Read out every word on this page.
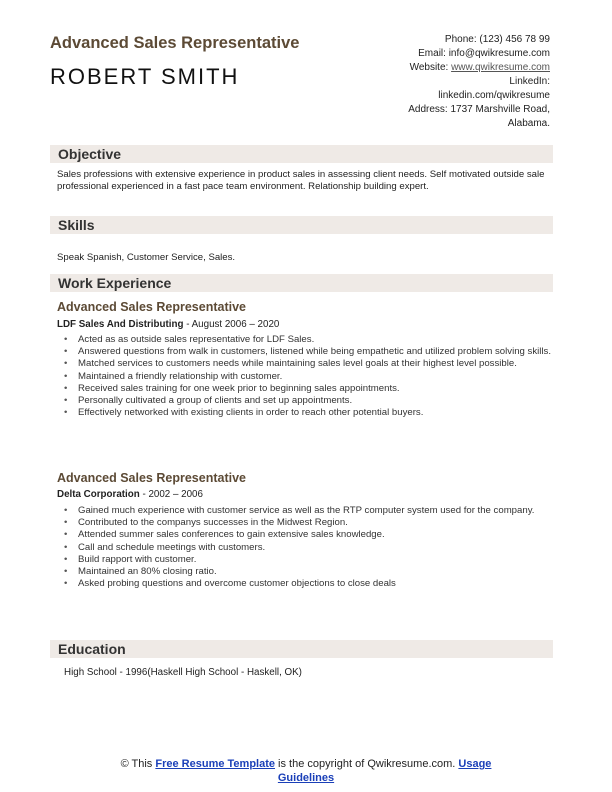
Advanced Sales Representative
ROBERT SMITH
Phone: (123) 456 78 99
Email: info@qwikresume.com
Website: www.qwikresume.com
LinkedIn:
linkedin.com/qwikresume
Address: 1737 Marshville Road,
Alabama.
Objective
Sales professions with extensive experience in product sales in assessing client needs. Self motivated outside sale professional experienced in a fast pace team environment. Relationship building expert.
Skills
Speak Spanish, Customer Service, Sales.
Work Experience
Advanced Sales Representative
LDF Sales And Distributing - August 2006 – 2020
• Acted as as outside sales representative for LDF Sales.
• Answered questions from walk in customers, listened while being empathetic and utilized problem solving skills.
• Matched services to customers needs while maintaining sales level goals at their highest level possible.
• Maintained a friendly relationship with customer.
• Received sales training for one week prior to beginning sales appointments.
• Personally cultivated a group of clients and set up appointments.
• Effectively networked with existing clients in order to reach other potential buyers.
Advanced Sales Representative
Delta Corporation - 2002 – 2006
• Gained much experience with customer service as well as the RTP computer system used for the company.
• Contributed to the companys successes in the Midwest Region.
• Attended summer sales conferences to gain extensive sales knowledge.
• Call and schedule meetings with customers.
• Build rapport with customer.
• Maintained an 80% closing ratio.
• Asked probing questions and overcome customer objections to close deals
Education
High School - 1996(Haskell High School - Haskell, OK)
© This Free Resume Template is the copyright of Qwikresume.com. Usage
Guidelines
